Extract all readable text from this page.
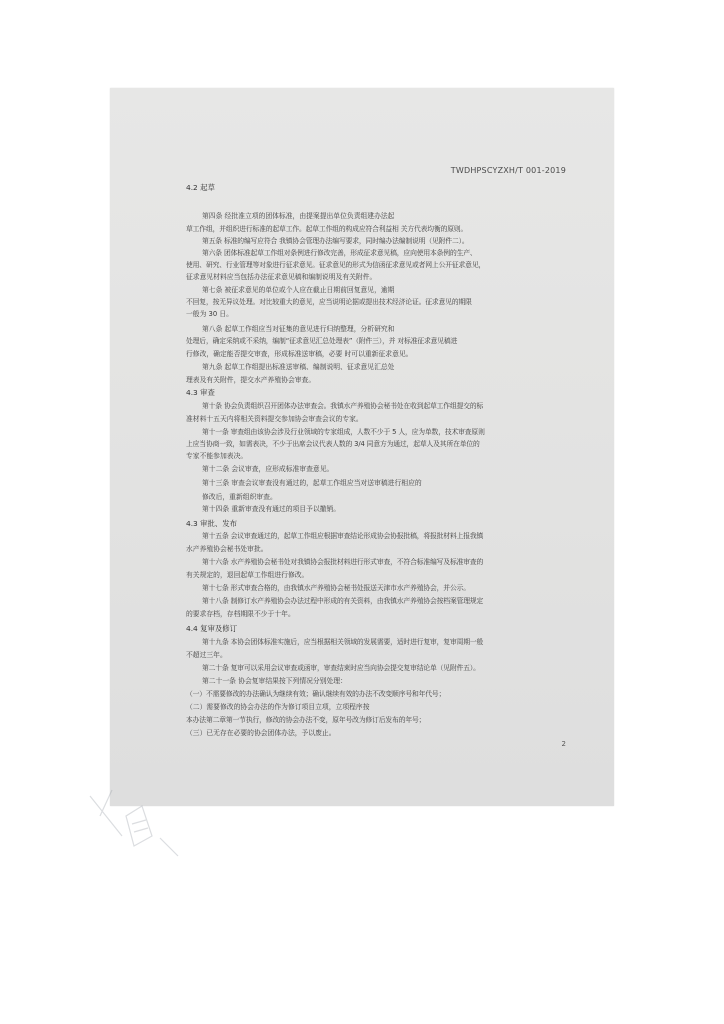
TWDHPSCYZXH/T 001-2019
4.2 起草
第四条 经批准立项的团体标准，由提案提出单位负责组建办法起
草工作组，并组织进行标准的起草工作。起草工作组的构成应符合利益相 关方代表均衡的原则。
第五条 标准的编写应符合 我镇协会管理办法编写要求，同时编办法编制说明（见附件二）。
第六条 团体标准起草工作组对条例进行修改完善，形成征求意见稿，应向使用本条例的生产、
使用、研究、行业管理等对象进行征求意见。征求意见的形式为信函征求意见或者网上公开征求意见，
征求意见材料应当包括办法征求意见稿和编制说明及有关附件。
第七条 被征求意见的单位或个人应在截止日期前回复意见，逾期
不回复，按无异议处理。对比较重大的意见，应当说明论据或提出技术经济论证。征求意见的期限
一般为 30 日。
第八条 起草工作组应当对征集的意见进行归纳整理，分析研究和
处理后，确定采纳或不采纳，编制“征求意见汇总处理表”（附件三），并 对标准征求意见稿进
行修改，确定能否提交审查，形成标准送审稿，必要 时可以重新征求意见。
第九条 起草工作组提出标准送审稿、编制说明、征求意见汇总处
理表及有关附件，提交水产养殖协会审查。
4.3 审查
第十条 协会负责组织召开团体办法审查会。我镇水产养殖协会秘书处在收到起草工作组提交的标
准材料十五天内将相关资料提交参加协会审查会议的专家。
第十一条 审查组由该协会涉及行业领域的专家组成，人数不少于 5 人，应为单数，技术审查原则
上应当协商一致，如需表决，不少于出席会议代表人数的 3/4 同意方为通过，起草人及其所在单位的
专家不能参加表决。
第十二条 会议审查，应形成标准审查意见。
第十三条 审查会议审查没有通过的，起草工作组应当对送审稿进行相应的
修改后，重新组织审查。
第十四条 重新审查没有通过的项目予以撤销。
4.3 审批、发布
第十五条 会议审查通过的，起草工作组应根据审查结论形成协会协报批稿，将报批材料上报我镇
水产养殖协会秘书处审批。
第十六条 水产养殖协会秘书处对我镇协会报批材料进行形式审查，不符合标准编写及标准审查的
有关规定的，退回起草工作组进行修改。
第十七条 形式审查合格的，由我镇水产养殖协会秘书处报送天津市水产养殖协会，并公示。
第十八条 制修订水产养殖协会办法过程中形成的有关资料，由我镇水产养殖协会按档案管理规定
的要求存档，存档期限不少于十年。
4.4 复审及修订
第十九条 本协会团体标准实施后，应当根据相关领域的发展需要，适时进行复审，复审周期一般
不超过三年。
第二十条 复审可以采用会议审查或函审，审查结束时应当向协会提交复审结论单（见附件五）。
第二十一条 协会复审结果按下列情况分别处理：
（一）不需要修改的办法确认为继续有效；确认继续有效的办法不改变顺序号和年代号；
（二）需要修改的协会办法的作为修订项目立项，立项程序按
本办法第二章第一节执行，修改的协会办法不变，原年号改为修订后发布的年号；
（三）已无存在必要的协会团体办法，予以废止。
2
